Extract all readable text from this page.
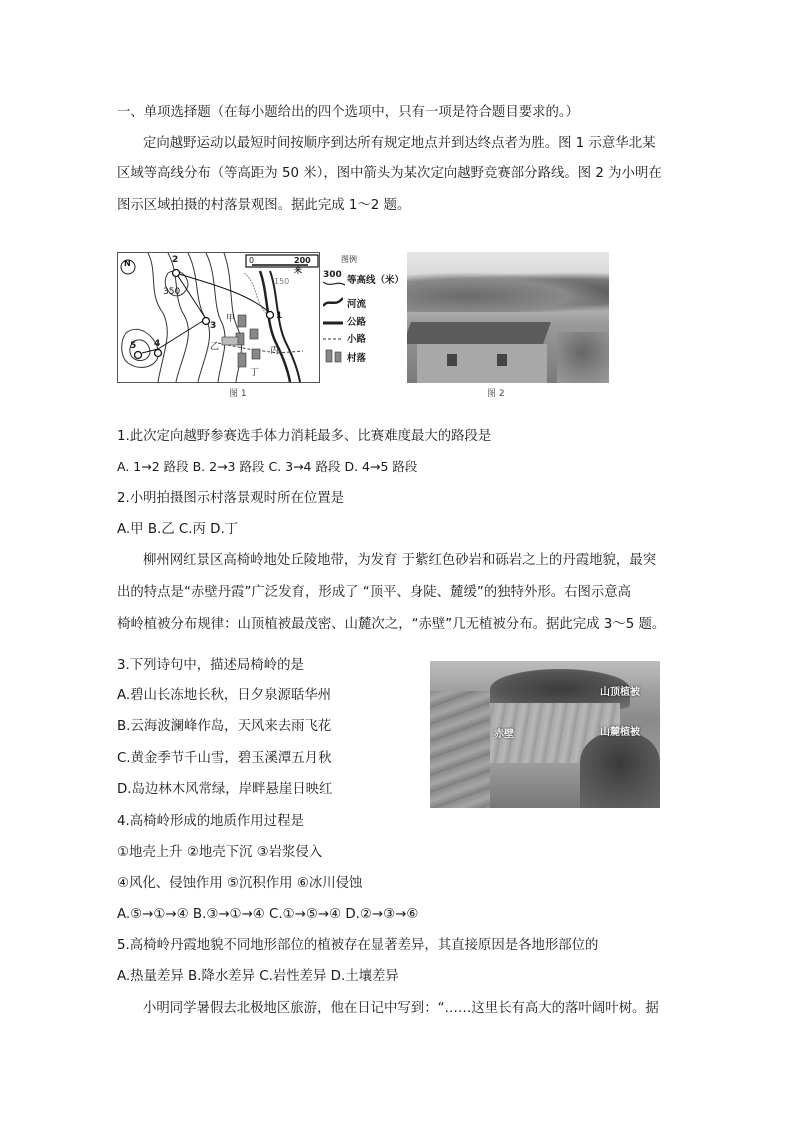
一、单项选择题（在每小题给出的四个选项中，只有一项是符合题目要求的。）
定向越野运动以最短时间按顺序到达所有规定地点并到达终点者为胜。图 1 示意华北某
区域等高线分布（等高距为 50 米），图中箭头为某次定向越野竞赛部分路线。图 2 为小明在
图示区域拍摄的村落景观图。据此完成 1～2 题。
N	0	200 米
350
150
1
2
3
4
5
甲
乙	丙
丁
图例
300 等高线（米）
河流
公路
小路
村落
图 1	图 2
1.此次定向越野参赛选手体力消耗最多、比赛难度最大的路段是
A. 1→2 路段 B. 2→3 路段 C. 3→4 路段 D. 4→5 路段
2.小明拍摄图示村落景观时所在位置是
A.甲 B.乙 C.丙 D.丁
柳州网红景区高椅岭地处丘陵地带，为发育 于紫红色砂岩和砾岩之上的丹霞地貌，最突
出的特点是“赤壁丹霞”广泛发育，形成了 “顶平、身陡、麓缓”的独特外形。右图示意高
椅岭植被分布规律：山顶植被最茂密、山麓次之，“赤壁”几无植被分布。据此完成 3～5 题。
3.下列诗句中，描述局椅岭的是
A.碧山长冻地长秋，日夕泉源聒华州
B.云海波澜峰作岛，天风来去雨飞花
C.黄金季节千山雪，碧玉溪潭五月秋
D.岛边林木风常绿，岸畔悬崖日映红
山顶植被
赤壁	山麓植被
4.高椅岭形成的地质作用过程是
①地壳上升 ②地壳下沉 ③岩浆侵入
④风化、侵蚀作用 ⑤沉积作用 ⑥冰川侵蚀
A.⑤→①→④ B.③→①→④ C.①→⑤→④ D.②→③→⑥
5.高椅岭丹霞地貌不同地形部位的植被存在显著差异，其直接原因是各地形部位的
A.热量差异 B.降水差异 C.岩性差异 D.土壤差异
小明同学暑假去北极地区旅游，他在日记中写到：“……这里长有高大的落叶阔叶树。据
